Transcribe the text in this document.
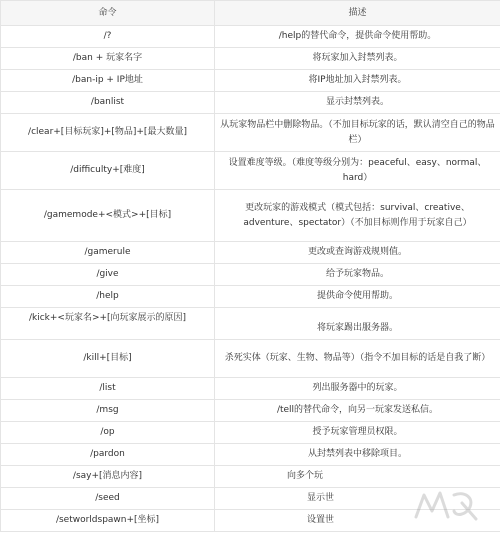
命令	描述
/?	/help的替代命令，提供命令使用帮助。
/ban + 玩家名字	将玩家加入封禁列表。
/ban-ip + IP地址	将IP地址加入封禁列表。
/banlist	显示封禁列表。
/clear+[目标玩家]+[物品]+[最大数量]	从玩家物品栏中删除物品。（不加目标玩家的话，默认清空自己的物品栏）
/difficulty+[难度]	设置难度等级。（难度等级分别为：peaceful、easy、normal、hard）
/gamemode+<模式>+[目标]	更改玩家的游戏模式（模式包括：survival、creative、adventure、spectator）（不加目标则作用于玩家自己）
/gamerule	更改或查询游戏规则值。
/give	给予玩家物品。
/help	提供命令使用帮助。
/kick+<玩家名>+[向玩家展示的原因]	将玩家踢出服务器。
/kill+[目标]	杀死实体（玩家、生物、物品等）（指令不加目标的话是自我了断）
/list	列出服务器中的玩家。
/msg	/tell的替代命令，向另一玩家发送私信。
/op	授予玩家管理员权限。
/pardon	从封禁列表中移除项目。
/say+[消息内容]	向多个玩
/seed	显示世
/setworldspawn+[坐标]	设置世
